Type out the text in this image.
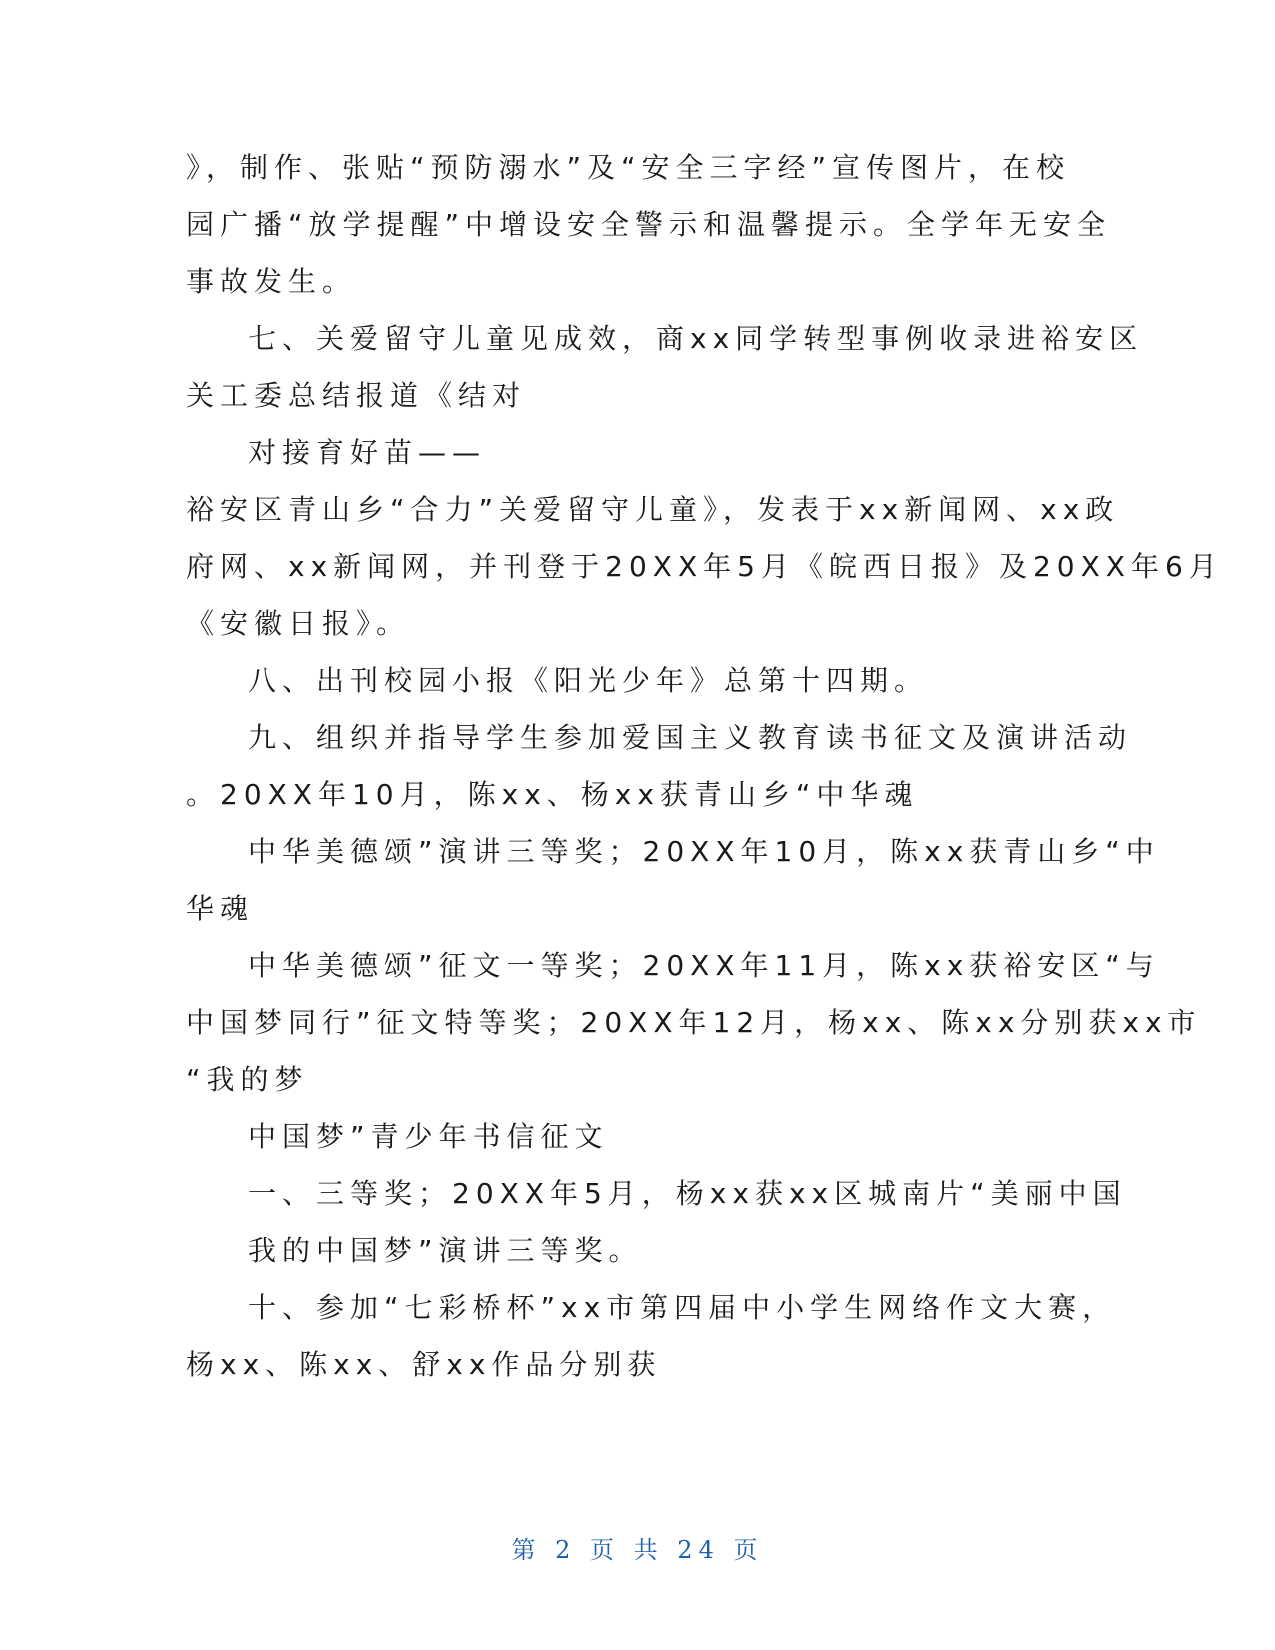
》，制作、张贴“预防溺水”及“安全三字经”宣传图片，在校
园广播“放学提醒”中增设安全警示和温馨提示。全学年无安全
事故发生。
七、关爱留守儿童见成效，商xx同学转型事例收录进裕安区
关工委总结报道《结对
对接育好苗——
裕安区青山乡“合力”关爱留守儿童》，发表于xx新闻网、xx政
府网、xx新闻网，并刊登于20XX年5月《皖西日报》及20XX年6月
《安徽日报》。
八、出刊校园小报《阳光少年》总第十四期。
九、组织并指导学生参加爱国主义教育读书征文及演讲活动
。20XX年10月，陈xx、杨xx获青山乡“中华魂
中华美德颂”演讲三等奖；20XX年10月，陈xx获青山乡“中
华魂
中华美德颂”征文一等奖；20XX年11月，陈xx获裕安区“与
中国梦同行”征文特等奖；20XX年12月，杨xx、陈xx分别获xx市
“我的梦
中国梦”青少年书信征文
一、三等奖；20XX年5月，杨xx获xx区城南片“美丽中国
我的中国梦”演讲三等奖。
十、参加“七彩桥杯”xx市第四届中小学生网络作文大赛，
杨xx、陈xx、舒xx作品分别获
第 2 页 共 24 页
